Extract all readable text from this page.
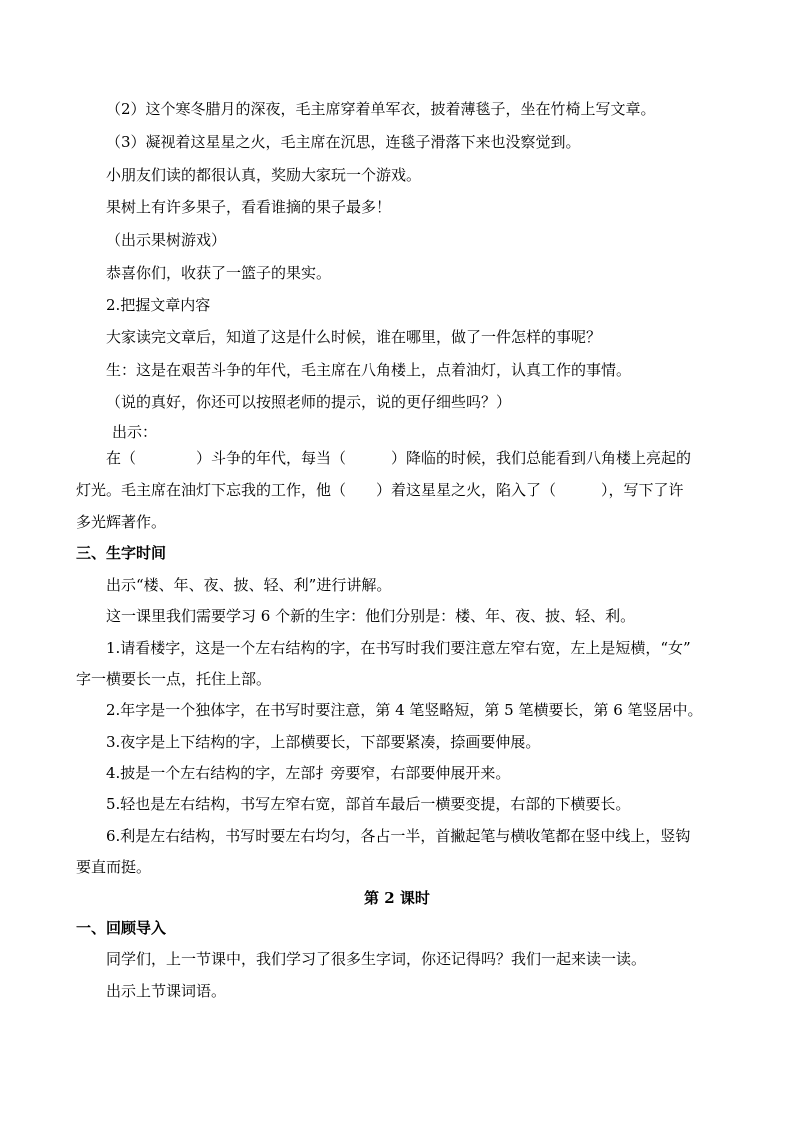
（2）这个寒冬腊月的深夜，毛主席穿着单军衣，披着薄毯子，坐在竹椅上写文章。
（3）凝视着这星星之火，毛主席在沉思，连毯子滑落下来也没察觉到。
小朋友们读的都很认真，奖励大家玩一个游戏。
果树上有许多果子，看看谁摘的果子最多！
（出示果树游戏）
恭喜你们，收获了一篮子的果实。
2.把握文章内容
大家读完文章后，知道了这是什么时候，谁在哪里，做了一件怎样的事呢？
生：这是在艰苦斗争的年代，毛主席在八角楼上，点着油灯，认真工作的事情。
（说的真好，你还可以按照老师的提示，说的更仔细些吗？）
出示：
在（　　　　）斗争的年代，每当（　　　）降临的时候，我们总能看到八角楼上亮起的
灯光。毛主席在油灯下忘我的工作，他（　　）着这星星之火，陷入了（　　　），写下了许
多光辉著作。
三、生字时间
出示“楼、年、夜、披、轻、利”进行讲解。
这一课里我们需要学习 6 个新的生字：他们分别是：楼、年、夜、披、轻、利。
1.请看楼字，这是一个左右结构的字，在书写时我们要注意左窄右宽，左上是短横，“女”
字一横要长一点，托住上部。
2.年字是一个独体字，在书写时要注意，第 4 笔竖略短，第 5 笔横要长，第 6 笔竖居中。
3.夜字是上下结构的字，上部横要长，下部要紧凑，捺画要伸展。
4.披是一个左右结构的字，左部扌旁要窄，右部要伸展开来。
5.轻也是左右结构，书写左窄右宽，部首车最后一横要变提，右部的下横要长。
6.利是左右结构，书写时要左右均匀，各占一半，首撇起笔与横收笔都在竖中线上，竖钩
要直而挺。
第 2 课时
一、回顾导入
同学们，上一节课中，我们学习了很多生字词，你还记得吗？我们一起来读一读。
出示上节课词语。
